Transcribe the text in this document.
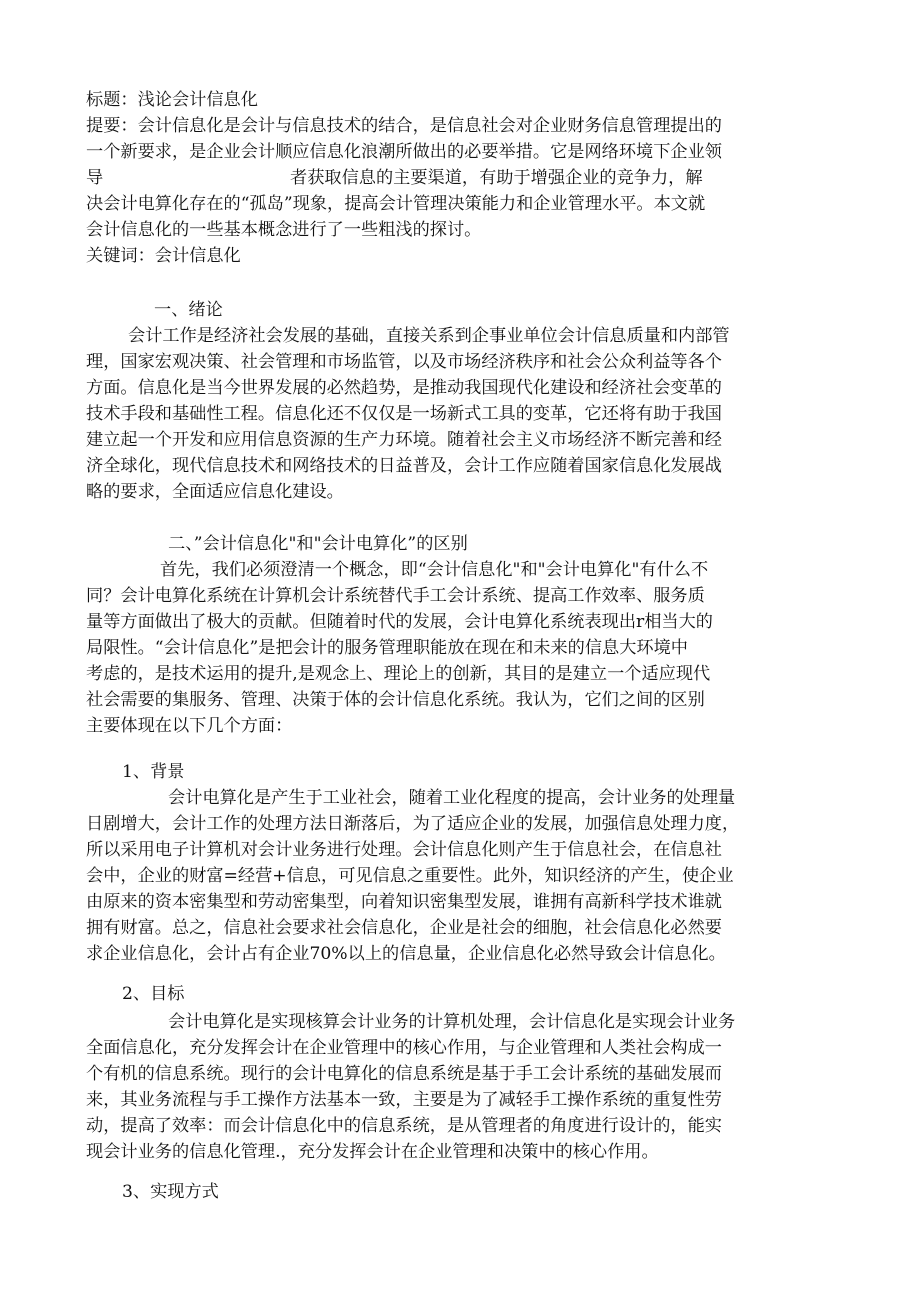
标题：浅论会计信息化

提要：会计信息化是会计与信息技术的结合，是信息社会对企业财务信息管理提出的

一个新要求，是企业会计顺应信息化浪潮所做出的必要举措。它是网络环境下企业领

导	者获取信息的主要渠道，有助于增强企业的竞争力，解

决会计电算化存在的“孤岛”现象，提高会计管理决策能力和企业管理水平。本文就

会计信息化的一些基本概念进行了一些粗浅的探讨。

关键词：会计信息化

一、绪论

会计工作是经济社会发展的基础，直接关系到企事业单位会计信息质量和内部管

理，国家宏观决策、社会管理和市场监管，以及市场经济秩序和社会公众利益等各个

方面。信息化是当今世界发展的必然趋势，是推动我国现代化建设和经济社会变革的

技术手段和基础性工程。信息化还不仅仅是一场新式工具的变革，它还将有助于我国

建立起一个开发和应用信息资源的生产力环境。随着社会主义市场经济不断完善和经

济全球化，现代信息技术和网络技术的日益普及，会计工作应随着国家信息化发展战

略的要求，全面适应信息化建设。

二、”会计信息化"和"会计电算化”的区别

首先，我们必须澄清一个概念，即“会计信息化"和"会计电算化"有什么不

同？会计电算化系统在计算机会计系统替代手工会计系统、提高工作效率、服务质

量等方面做出了极大的贡献。但随着时代的发展，会计电算化系统表现出r相当大的

局限性。“会计信息化”是把会计的服务管理职能放在现在和未来的信息大环境中

考虑的，是技术运用的提升,是观念上、理论上的创新，其目的是建立一个适应现代

社会需要的集服务、管理、决策于体的会计信息化系统。我认为，它们之间的区别

主要体现在以下几个方面：

1、背景

会计电算化是产生于工业社会，随着工业化程度的提高，会计业务的处理量

日剧增大，会计工作的处理方法日渐落后，为了适应企业的发展，加强信息处理力度，

所以采用电子计算机对会计业务进行处理。会计信息化则产生于信息社会，在信息社

会中，企业的财富=经营+信息，可见信息之重要性。此外，知识经济的产生，使企业

由原来的资本密集型和劳动密集型，向着知识密集型发展，谁拥有高新科学技术谁就

拥有财富。总之，信息社会要求社会信息化，企业是社会的细胞，社会信息化必然要

求企业信息化，会计占有企业70%以上的信息量，企业信息化必然导致会计信息化。

2、目标

会计电算化是实现核算会计业务的计算机处理，会计信息化是实现会计业务

全面信息化，充分发挥会计在企业管理中的核心作用，与企业管理和人类社会构成一

个有机的信息系统。现行的会计电算化的信息系统是基于手工会计系统的基础发展而

来，其业务流程与手工操作方法基本一致，主要是为了减轻手工操作系统的重复性劳

动，提高了效率：而会计信息化中的信息系统，是从管理者的角度进行设计的，能实

现会计业务的信息化管理.，充分发挥会计在企业管理和决策中的核心作用。

3、实现方式
